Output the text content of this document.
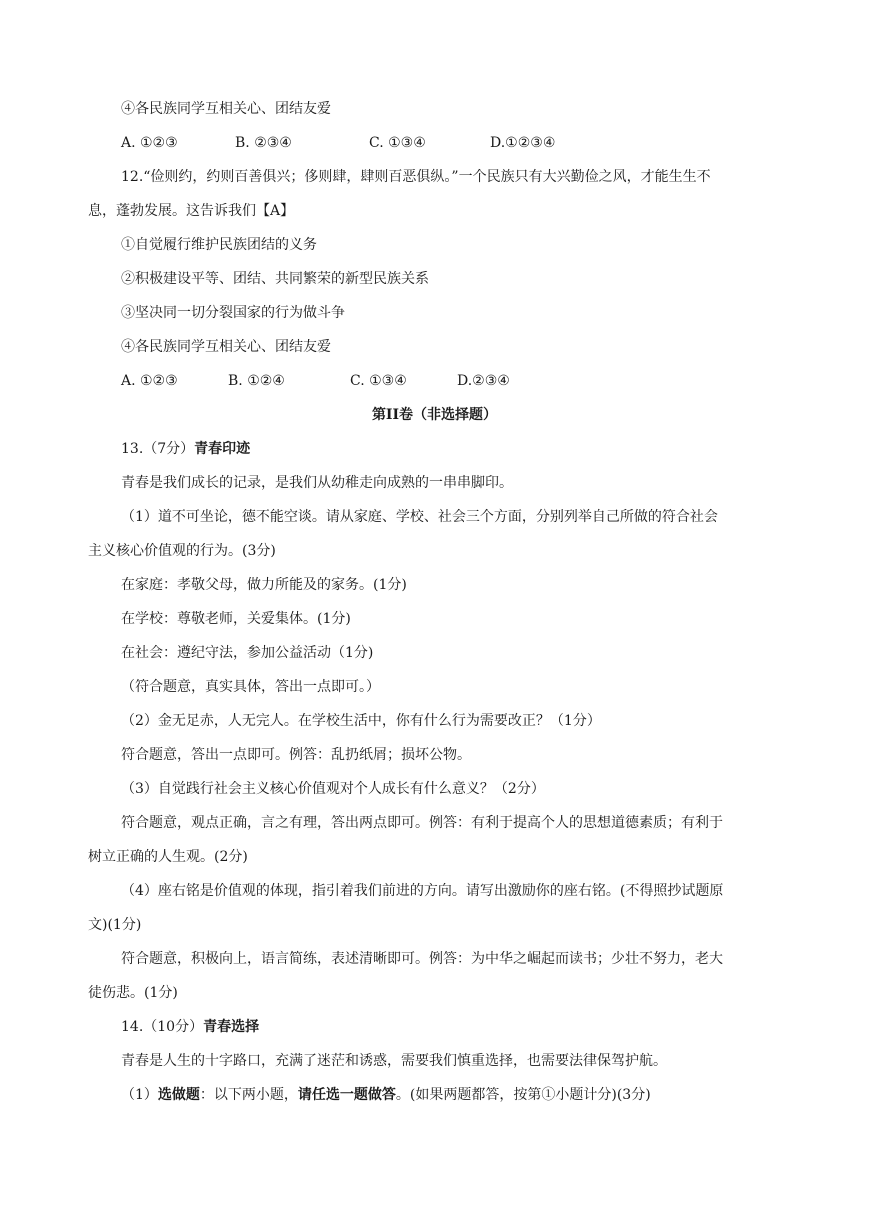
④各民族同学互相关心、团结友爱
A. ①②③	B. ②③④	C. ①③④	D.①②③④
12.“俭则约，约则百善俱兴；侈则肆，肆则百恶俱纵。”一个民族只有大兴勤俭之风，才能生生不
息，蓬勃发展。这告诉我们【A】
①自觉履行维护民族团结的义务
②积极建设平等、团结、共同繁荣的新型民族关系
③坚决同一切分裂国家的行为做斗争
④各民族同学互相关心、团结友爱
A. ①②③	B. ①②④	C. ①③④	D.②③④
第II卷（非选择题）
13.（7分）青春印迹
青春是我们成长的记录，是我们从幼稚走向成熟的一串串脚印。
（1）道不可坐论，德不能空谈。请从家庭、学校、社会三个方面，分别列举自己所做的符合社会
主义核心价值观的行为。(3分)
在家庭：孝敬父母，做力所能及的家务。(1分)
在学校：尊敬老师，关爱集体。(1分)
在社会：遵纪守法，参加公益活动（1分)
（符合题意，真实具体，答出一点即可。）
（2）金无足赤，人无完人。在学校生活中，你有什么行为需要改正？（1分）
符合题意，答出一点即可。例答：乱扔纸屑；损坏公物。
（3）自觉践行社会主义核心价值观对个人成长有什么意义？（2分）
符合题意，观点正确，言之有理，答出两点即可。例答：有利于提高个人的思想道德素质；有利于
树立正确的人生观。(2分)
（4）座右铭是价值观的体现，指引着我们前进的方向。请写出激励你的座右铭。(不得照抄试题原
文)(1分)
符合题意，积极向上，语言简练，表述清晰即可。例答：为中华之崛起而读书；少壮不努力，老大
徒伤悲。(1分)
14.（10分）青春选择
青春是人生的十字路口，充满了迷茫和诱惑，需要我们慎重选择，也需要法律保驾护航。
（1）选做题：以下两小题，请任选一题做答。(如果两题都答，按第①小题计分)(3分)
